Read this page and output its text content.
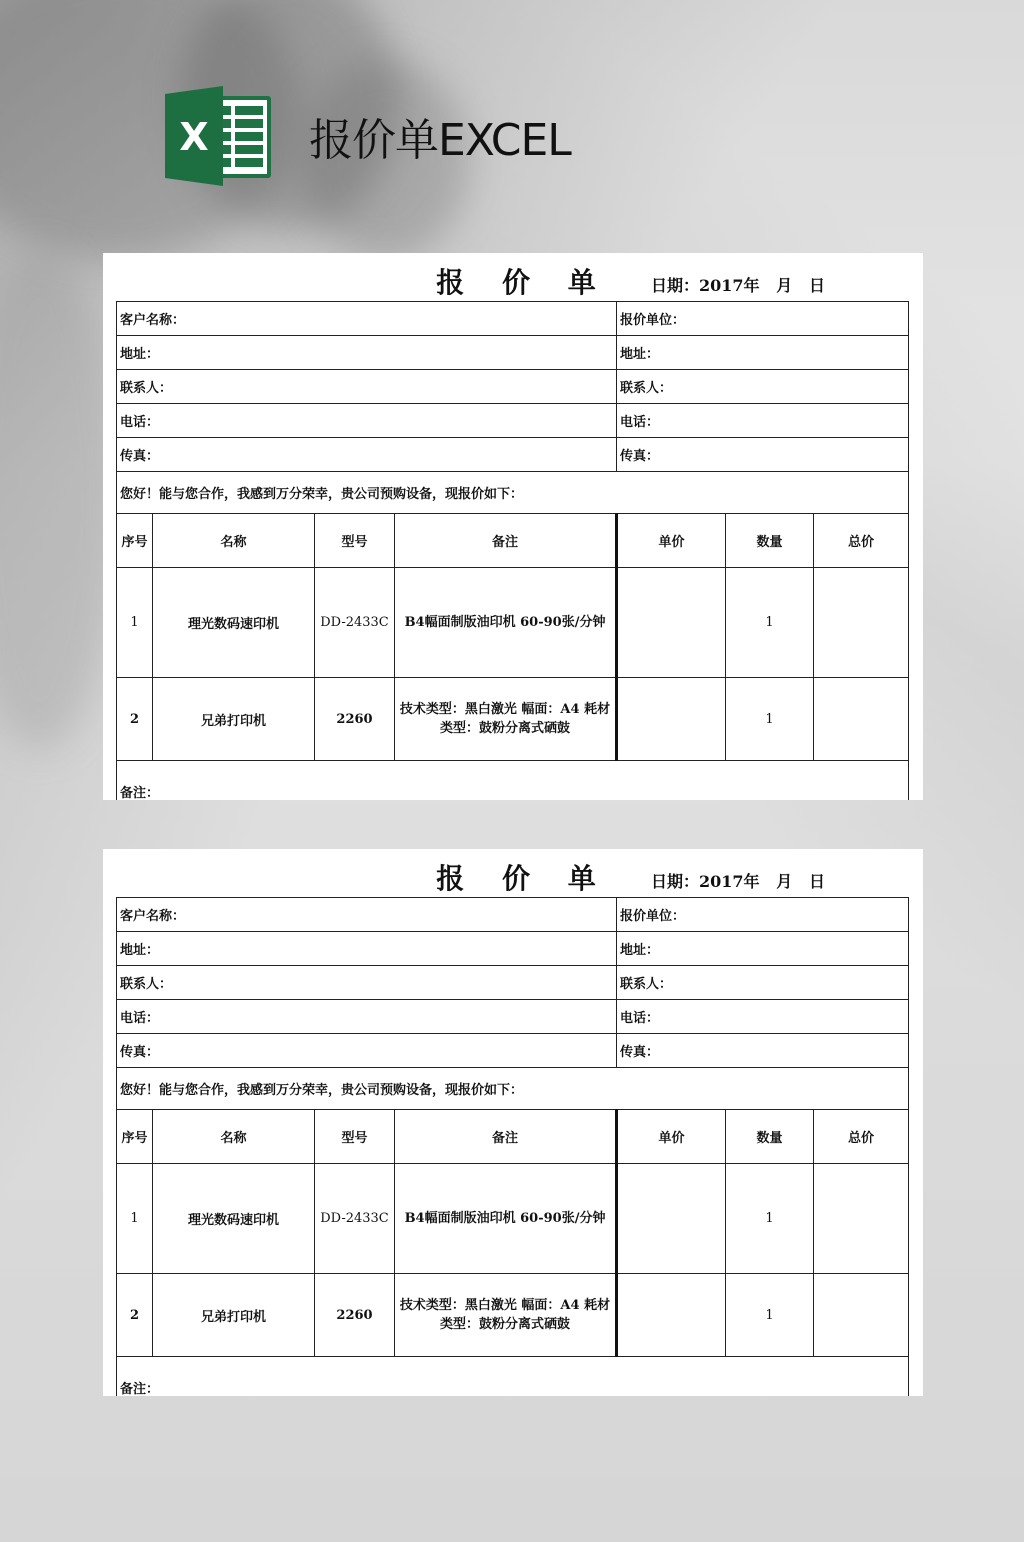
X 报价单EXCEL
报 价 单	日期：2017年   月   日
客户名称：				报价单位：		
地址：				地址：		
联系人：				联系人：		
电话：				电话：		
传真：				传真：		
您好！能与您合作，我感到万分荣幸，贵公司预购设备，现报价如下：						
序号	名称	型号	备注	单价	数量	总价
1	理光数码速印机	DD-2433C	B4幅面制版油印机 60-90张/分钟		1	
2	兄弟打印机	2260	技术类型：黑白激光 幅面：A4 耗材类型：鼓粉分离式硒鼓		1	
备注：						
报 价 单	日期：2017年   月   日
客户名称：				报价单位：		
地址：				地址：		
联系人：				联系人：		
电话：				电话：		
传真：				传真：		
您好！能与您合作，我感到万分荣幸，贵公司预购设备，现报价如下：						
序号	名称	型号	备注	单价	数量	总价
1	理光数码速印机	DD-2433C	B4幅面制版油印机 60-90张/分钟		1	
2	兄弟打印机	2260	技术类型：黑白激光 幅面：A4 耗材类型：鼓粉分离式硒鼓		1	
备注：						
